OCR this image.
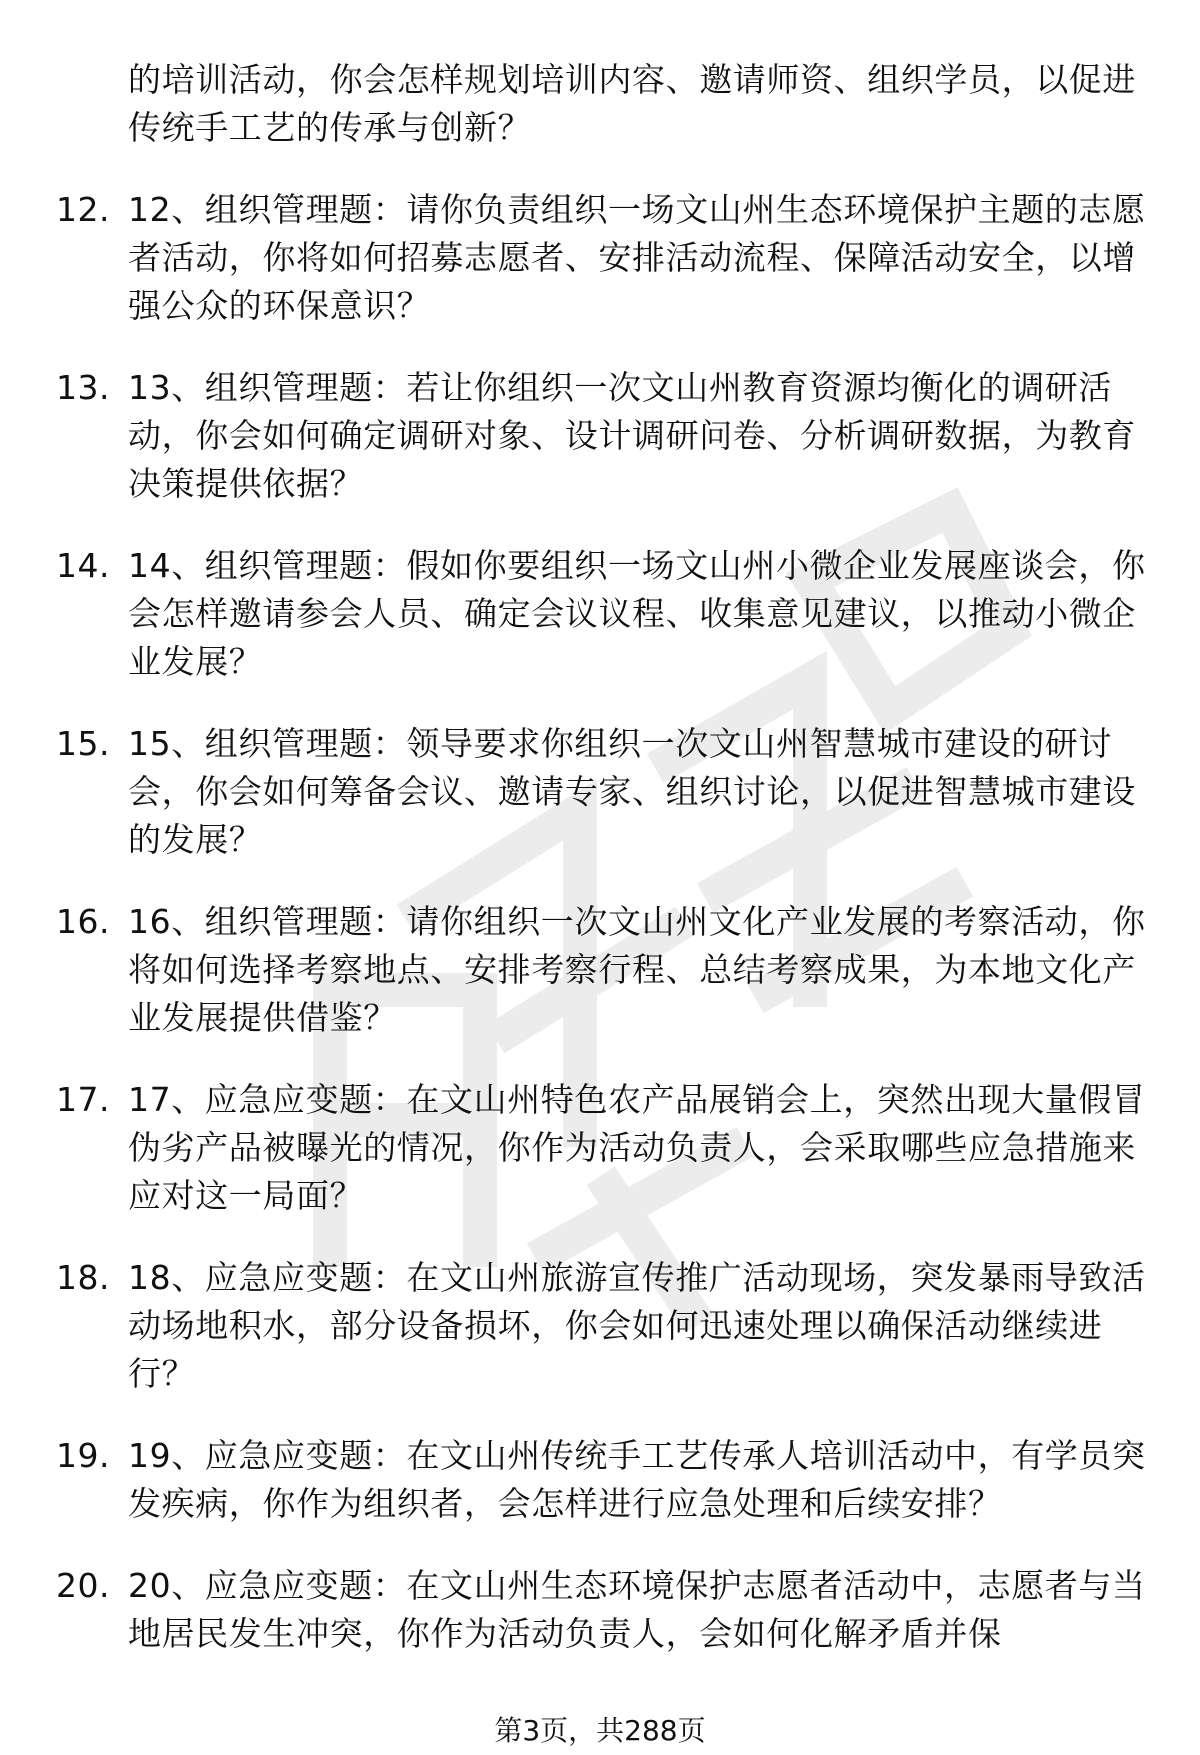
的培训活动，你会怎样规划培训内容、邀请师资、组织学员，以促进传统手工艺的传承与创新？
12. 12、组织管理题：请你负责组织一场文山州生态环境保护主题的志愿者活动，你将如何招募志愿者、安排活动流程、保障活动安全，以增强公众的环保意识？
13. 13、组织管理题：若让你组织一次文山州教育资源均衡化的调研活动，你会如何确定调研对象、设计调研问卷、分析调研数据，为教育决策提供依据？
14. 14、组织管理题：假如你要组织一场文山州小微企业发展座谈会，你会怎样邀请参会人员、确定会议议程、收集意见建议，以推动小微企业发展？
15. 15、组织管理题：领导要求你组织一次文山州智慧城市建设的研讨会，你会如何筹备会议、邀请专家、组织讨论，以促进智慧城市建设的发展？
16. 16、组织管理题：请你组织一次文山州文化产业发展的考察活动，你将如何选择考察地点、安排考察行程、总结考察成果，为本地文化产业发展提供借鉴？
17. 17、应急应变题：在文山州特色农产品展销会上，突然出现大量假冒伪劣产品被曝光的情况，你作为活动负责人，会采取哪些应急措施来应对这一局面？
18. 18、应急应变题：在文山州旅游宣传推广活动现场，突发暴雨导致活动场地积水，部分设备损坏，你会如何迅速处理以确保活动继续进行？
19. 19、应急应变题：在文山州传统手工艺传承人培训活动中，有学员突发疾病，你作为组织者，会怎样进行应急处理和后续安排？
20. 20、应急应变题：在文山州生态环境保护志愿者活动中，志愿者与当地居民发生冲突，你作为活动负责人，会如何化解矛盾并保
第3页，共288页
